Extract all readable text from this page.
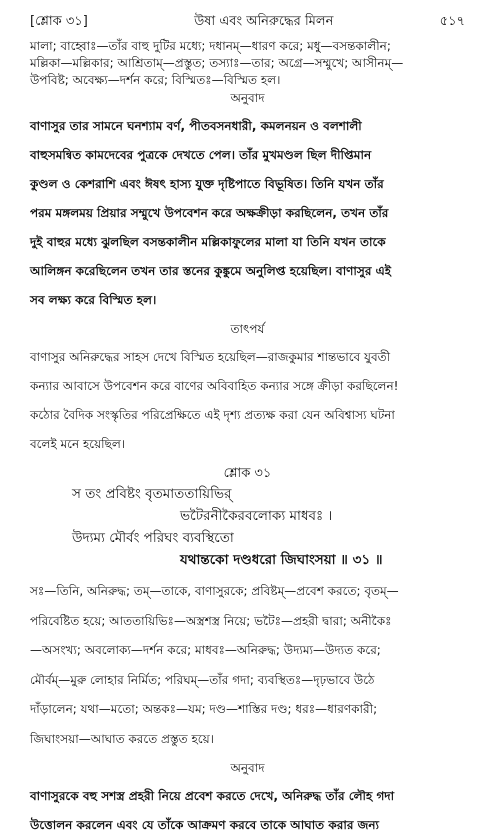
[শ্লোক ৩১]	উষা এবং অনিরুদ্ধের মিলন	৫১৭

মালা; বাহ্বোঃ—তাঁর বাহু দুটির মধ্যে; দধানম্—ধারণ করে; মধু—বসন্তকালীন;

মল্লিকা—মল্লিকার; আশ্রিতাম্—প্রস্তুত; তস্যাঃ—তার; অগ্রে—সম্মুখে; আসীনম্—

উপবিষ্ট; অবেক্ষ্য—দর্শন করে; বিস্মিতঃ—বিস্মিত হল।

অনুবাদ

বাণাসুর তার সামনে ঘনশ্যাম বর্ণ, পীতবসনধারী, কমলনয়ন ও বলশালী

বাহুসমন্বিত কামদেবের পুত্রকে দেখতে পেল। তাঁর মুখমণ্ডল ছিল দীপ্তিমান

কুণ্ডল ও কেশরাশি এবং ঈষৎ হাস্য যুক্ত দৃষ্টিপাতে বিভূষিত। তিনি যখন তাঁর

পরম মঙ্গলময় প্রিয়ার সম্মুখে উপবেশন করে অক্ষক্রীড়া করছিলেন, তখন তাঁর

দুই বাহুর মধ্যে ঝুলছিল বসন্তকালীন মল্লিকাফুলের মালা যা তিনি যখন তাকে

আলিঙ্গন করেছিলেন তখন তার স্তনের কুঙ্কুমে অনুলিপ্ত হয়েছিল। বাণাসুর এই

সব লক্ষ্য করে বিস্মিত হল।

তাৎপর্য

বাণাসুর অনিরুদ্ধের সাহস দেখে বিস্মিত হয়েছিল—রাজকুমার শান্তভাবে যুবতী

কন্যার আবাসে উপবেশন করে বাণের অবিবাহিত কন্যার সঙ্গে ক্রীড়া করছিলেন!

কঠোর বৈদিক সংস্কৃতির পরিপ্রেক্ষিতে এই দৃশ্য প্রত্যক্ষ করা যেন অবিশ্বাস্য ঘটনা

বলেই মনে হয়েছিল।

শ্লোক ৩১
স তং প্রবিষ্টং বৃতমাততায়িভির্
ভটৈরনীকৈরবলোক্য মাধবঃ ।
উদ্যম্য মৌর্বং পরিঘং ব্যবস্থিতো
যথান্তকো দণ্ডধরো জিঘাংসয়া ॥ ৩১ ॥

সঃ—তিনি, অনিরুদ্ধ; তম্—তাকে, বাণাসুরকে; প্রবিষ্টম্—প্রবেশ করতে; বৃতম্—

পরিবেষ্টিত হয়ে; আততায়িভিঃ—অস্ত্রশস্ত্র নিয়ে; ভটৈঃ—প্রহরী দ্বারা; অনীকৈঃ

—অসংখ্য; অবলোক্য—দর্শন করে; মাধবঃ—অনিরুদ্ধ; উদ্যম্য—উদ্যত করে;

মৌর্বম্—মুরু লোহার নির্মিত; পরিঘম্—তাঁর গদা; ব্যবস্থিতঃ—দৃঢ়ভাবে উঠে

দাঁড়ালেন; যথা—মতো; অন্তকঃ—যম; দণ্ড—শাস্তির দণ্ড; ধরঃ—ধারণকারী;

জিঘাংসয়া—আঘাত করতে প্রস্তুত হয়ে।

অনুবাদ

বাণাসুরকে বহু সশস্ত্র প্রহরী নিয়ে প্রবেশ করতে দেখে, অনিরুদ্ধ তাঁর লৌহ গদা

উত্তোলন করলেন এবং যে তাঁকে আক্রমণ করবে তাকে আঘাত করার জন্য
